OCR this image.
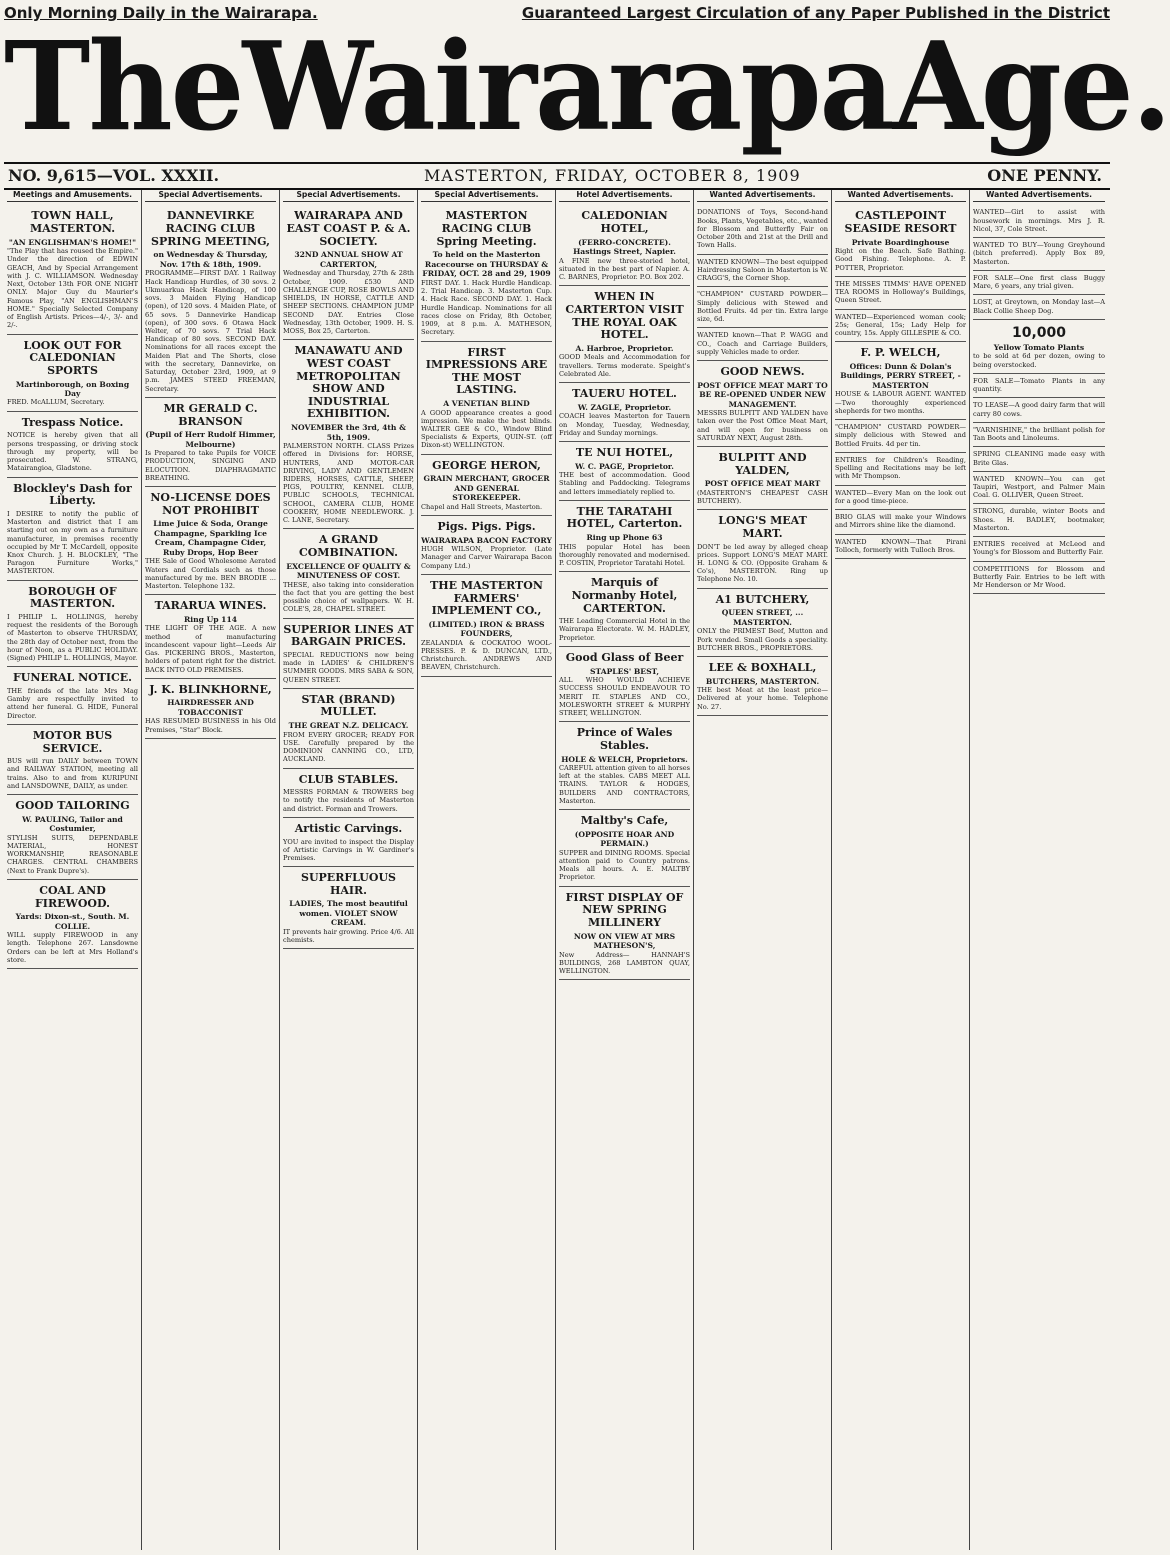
Only Morning Daily in the Wairarapa.	Guaranteed Largest Circulation of any Paper Published in the District
The Wairarapa Age.
NO. 9,615—VOL. XXXII.	MASTERTON, FRIDAY, OCTOBER 8, 1909	ONE PENNY.
Meetings and Amusements.
TOWN HALL, MASTERTON.
"AN ENGLISHMAN'S HOME!"
"The Play that has roused the Empire." Under the direction of EDWIN GEACH, And by Special Arrangement with J. C. WILLIAMSON. Wednesday Next, October 13th FOR ONE NIGHT ONLY. Major Guy du Maurier's Famous Play, "AN ENGLISHMAN'S HOME." Specially Selected Company of English Artists. Prices—4/-, 3/- and 2/-.
LOOK OUT FOR CALEDONIAN SPORTS
Martinborough, on Boxing Day
FRED. McALLUM, Secretary.
Trespass Notice.
NOTICE is hereby given that all persons trespassing, or driving stock through my property, will be prosecuted. W. STRANG, Matairangioa, Gladstone.
Blockley's Dash for Liberty.
I DESIRE to notify the public of Masterton and district that I am starting out on my own as a furniture manufacturer, in premises recently occupied by Mr T. McCardell, opposite Knox Church. J. H. BLOCKLEY, "The Paragon Furniture Works," MASTERTON.
BOROUGH OF MASTERTON.
I PHILIP L. HOLLINGS, hereby request the residents of the Borough of Masterton to observe THURSDAY, the 28th day of October next, from the hour of Noon, as a PUBLIC HOLIDAY. (Signed) PHILIP L. HOLLINGS, Mayor.
FUNERAL NOTICE.
THE friends of the late Mrs Mag Gamby are respectfully invited to attend her funeral. G. HIDE, Funeral Director.
MOTOR BUS SERVICE.
BUS will run DAILY between TOWN and RAILWAY STATION, meeting all trains. Also to and from KURIPUNI and LANSDOWNE, DAILY, as under.
GOOD TAILORING
W. PAULING, Tailor and Costumier,
STYLISH SUITS, DEPENDABLE MATERIAL, HONEST WORKMANSHIP, REASONABLE CHARGES. CENTRAL CHAMBERS (Next to Frank Dupre's).
COAL AND FIREWOOD.
Yards: Dixon-st., South. M. COLLIE.
WILL supply FIREWOOD in any length. Telephone 267. Lansdowne Orders can be left at Mrs Holland's store.
Special Advertisements.
DANNEVIRKE RACING CLUB SPRING MEETING,
on Wednesday & Thursday, Nov. 17th & 18th, 1909.
PROGRAMME—FIRST DAY. 1 Railway Hack Handicap Hurdles, of 30 sovs. 2 Ukmuarkua Hack Handicap, of 100 sovs. 3 Maiden Flying Handicap (open), of 120 sovs. 4 Maiden Plate, of 65 sovs. 5 Dannevirke Handicap (open), of 300 sovs. 6 Otawa Hack Welter, of 70 sovs. 7 Trial Hack Handicap of 80 sovs. SECOND DAY. Nominations for all races except the Maiden Plat and The Shorts, close with the secretary, Dannevirke, on Saturday, October 23rd, 1909, at 9 p.m. JAMES STEED FREEMAN, Secretary.
MR GERALD C. BRANSON
(Pupil of Herr Rudolf Himmer, Melbourne)
Is Prepared to take Pupils for VOICE PRODUCTION, SINGING AND ELOCUTION. DIAPHRAGMATIC BREATHING.
NO-LICENSE DOES NOT PROHIBIT
Lime Juice & Soda, Orange Champagne, Sparkling Ice Cream, Champagne Cider, Ruby Drops, Hop Beer
THE Sale of Good Wholesome Aerated Waters and Cordials such as those manufactured by me. BEN BRODIE ... Masterton. Telephone 132.
TARARUA WINES.
Ring Up 114
THE LIGHT OF THE AGE. A new method of manufacturing incandescent vapour light—Leeds Air Gas. PICKERING BROS., Masterton, holders of patent right for the district. BACK INTO OLD PREMISES.
J. K. BLINKHORNE,
HAIRDRESSER AND TOBACCONIST
HAS RESUMED BUSINESS in his Old Premises, "Star" Block.
Special Advertisements.
WAIRARAPA AND EAST COAST P. & A. SOCIETY.
32ND ANNUAL SHOW AT CARTERTON,
Wednesday and Thursday, 27th & 28th October, 1909. £530 AND CHALLENGE CUP, ROSE BOWLS AND SHIELDS, IN HORSE, CATTLE AND SHEEP SECTIONS. CHAMPION JUMP SECOND DAY. Entries Close Wednesday, 13th October, 1909. H. S. MOSS, Box 25, Carterton.
MANAWATU AND WEST COAST METROPOLITAN SHOW AND INDUSTRIAL EXHIBITION.
NOVEMBER the 3rd, 4th & 5th, 1909.
PALMERSTON NORTH. CLASS Prizes offered in Divisions for: HORSE, HUNTERS, AND MOTOR-CAR DRIVING, LADY AND GENTLEMEN RIDERS, HORSES, CATTLE, SHEEP, PIGS, POULTRY, KENNEL CLUB, PUBLIC SCHOOLS, TECHNICAL SCHOOL, CAMERA CLUB, HOME COOKERY, HOME NEEDLEWORK. J. C. LANE, Secretary.
A GRAND COMBINATION.
EXCELLENCE OF QUALITY & MINUTENESS OF COST.
THESE, also taking into consideration the fact that you are getting the best possible choice of wallpapers. W. H. COLE'S, 28, CHAPEL STREET.
SUPERIOR LINES AT BARGAIN PRICES.
SPECIAL REDUCTIONS now being made in LADIES' & CHILDREN'S SUMMER GOODS. MRS SABA & SON, QUEEN STREET.
STAR (BRAND) MULLET.
THE GREAT N.Z. DELICACY.
FROM EVERY GROCER; READY FOR USE. Carefully prepared by the DOMINION CANNING CO., LTD, AUCKLAND.
CLUB STABLES.
MESSRS FORMAN & TROWERS beg to notify the residents of Masterton and district. Forman and Trowers.
Artistic Carvings.
YOU are invited to inspect the Display of Artistic Carvings in W. Gardiner's Premises.
SUPERFLUOUS HAIR.
LADIES, The most beautiful women. VIOLET SNOW CREAM.
IT prevents hair growing. Price 4/6. All chemists.
Special Advertisements.
MASTERTON RACING CLUB Spring Meeting.
To held on the Masterton Racecourse on THURSDAY & FRIDAY, OCT. 28 and 29, 1909
FIRST DAY. 1. Hack Hurdle Handicap. 2. Trial Handicap. 3. Masterton Cup. 4. Hack Race. SECOND DAY. 1. Hack Hurdle Handicap. Nominations for all races close on Friday, 8th October, 1909, at 8 p.m. A. MATHESON, Secretary.
FIRST IMPRESSIONS ARE THE MOST LASTING.
A VENETIAN BLIND
A GOOD appearance creates a good impression. We make the best blinds. WALTER GEE & CO., Window Blind Specialists & Experts, QUIN-ST. (off Dixon-st) WELLINGTON.
GEORGE HERON,
GRAIN MERCHANT, GROCER AND GENERAL STOREKEEPER.
Chapel and Hall Streets, Masterton.
Pigs. Pigs. Pigs.
WAIRARAPA BACON FACTORY
HUGH WILSON, Proprietor. (Late Manager and Carver Wairarapa Bacon Company Ltd.)
THE MASTERTON FARMERS' IMPLEMENT CO.,
(LIMITED.) IRON & BRASS FOUNDERS,
ZEALANDIA & COCKATOO WOOL-PRESSES. P. & D. DUNCAN, LTD., Christchurch. ANDREWS AND BEAVEN, Christchurch.
Hotel Advertisements.
CALEDONIAN HOTEL,
(FERRO-CONCRETE). Hastings Street, Napier.
A FINE new three-storied hotel, situated in the best part of Napier. A. C. BARNES, Proprietor. P.O. Box 202.
WHEN IN CARTERTON VISIT THE ROYAL OAK HOTEL.
A. Harbroe, Proprietor.
GOOD Meals and Accommodation for travellers. Terms moderate. Speight's Celebrated Ale.
TAUERU HOTEL.
W. ZAGLE, Proprietor.
COACH leaves Masterton for Tauern on Monday, Tuesday, Wednesday, Friday and Sunday mornings.
TE NUI HOTEL,
W. C. PAGE, Proprietor.
THE best of accommodation. Good Stabling and Paddocking. Telegrams and letters immediately replied to.
THE TARATAHI HOTEL, Carterton.
Ring up Phone 63
THIS popular Hotel has been thoroughly renovated and modernised. P. COSTIN, Proprietor Taratahi Hotel.
Marquis of Normanby Hotel, CARTERTON.
THE Leading Commercial Hotel in the Wairarapa Electorate. W. M. HADLEY, Proprietor.
Good Glass of Beer
STAPLES' BEST,
ALL WHO WOULD ACHIEVE SUCCESS SHOULD ENDEAVOUR TO MERIT IT. STAPLES AND CO., MOLESWORTH STREET & MURPHY STREET, WELLINGTON.
Prince of Wales Stables.
HOLE & WELCH, Proprietors.
CAREFUL attention given to all horses left at the stables. CABS MEET ALL TRAINS. TAYLOR & HODGES, BUILDERS AND CONTRACTORS, Masterton.
Maltby's Cafe,
(OPPOSITE HOAR AND PERMAIN.)
SUPPER and DINING ROOMS. Special attention paid to Country patrons. Meals all hours. A. E. MALTBY Proprietor.
FIRST DISPLAY OF NEW SPRING MILLINERY
NOW ON VIEW AT MRS MATHESON'S,
New Address— HANNAH'S BUILDINGS, 268 LAMBTON QUAY, WELLINGTON.
Wanted Advertisements.
DONATIONS of Toys, Second-hand Books, Plants, Vegetables, etc., wanted for Blossom and Butterfly Fair on October 20th and 21st at the Drill and Town Halls.
WANTED KNOWN—The best equipped Hairdressing Saloon in Masterton is W. CRAGG'S, the Corner Shop.
"CHAMPION" CUSTARD POWDER—Simply delicious with Stewed and Bottled Fruits. 4d per tin. Extra large size, 6d.
WANTED known—That P. WAGG and CO., Coach and Carriage Builders, supply Vehicles made to order.
GOOD NEWS.
POST OFFICE MEAT MART TO BE RE-OPENED UNDER NEW MANAGEMENT.
MESSRS BULPITT AND YALDEN have taken over the Post Office Meat Mart, and will open for business on SATURDAY NEXT, August 28th.
BULPITT AND YALDEN,
POST OFFICE MEAT MART
(MASTERTON'S CHEAPEST CASH BUTCHERY).
LONG'S MEAT MART.
DON'T be led away by alleged cheap prices. Support LONG'S MEAT MART. H. LONG & CO. (Opposite Graham & Co's), MASTERTON. Ring up Telephone No. 10.
A1 BUTCHERY,
QUEEN STREET, ... MASTERTON.
ONLY the PRIMEST Beef, Mutton and Pork vended. Small Goods a speciality. BUTCHER BROS., PROPRIETORS.
LEE & BOXHALL,
BUTCHERS, MASTERTON.
THE best Meat at the least price—Delivered at your home. Telephone No. 27.
Wanted Advertisements.
CASTLEPOINT SEASIDE RESORT
Private Boardinghouse
Right on the Beach. Safe Bathing. Good Fishing. Telephone. A. P. POTTER, Proprietor.
THE MISSES TIMMS' HAVE OPENED TEA ROOMS in Holloway's Buildings, Queen Street.
WANTED—Experienced woman cook; 25s; General, 15s; Lady Help for country, 15s. Apply GILLESPIE & CO.
F. P. WELCH,
Offices: Dunn & Dolan's Buildings, PERRY STREET, - MASTERTON
HOUSE & LABOUR AGENT. WANTED—Two thoroughly experienced shepherds for two months.
"CHAMPION" CUSTARD POWDER—simply delicious with Stewed and Bottled Fruits. 4d per tin.
ENTRIES for Children's Reading, Spelling and Recitations may be left with Mr Thompson.
WANTED—Every Man on the look out for a good time-piece.
BRIO GLAS will make your Windows and Mirrors shine like the diamond.
WANTED KNOWN—That Pirani Tolloch, formerly with Tulloch Bros.
Wanted Advertisements.
WANTED—Girl to assist with housework in mornings. Mrs J. R. Nicol, 37, Cole Street.
WANTED TO BUY—Young Greyhound (bitch preferred). Apply Box 89, Masterton.
FOR SALE—One first class Buggy Mare, 6 years, any trial given.
LOST, at Greytown, on Monday last—A Black Collie Sheep Dog.
10,000
Yellow Tomato Plants
to be sold at 6d per dozen, owing to being overstocked.
FOR SALE—Tomato Plants in any quantity.
TO LEASE—A good dairy farm that will carry 80 cows.
"VARNISHINE," the brilliant polish for Tan Boots and Linoleums.
SPRING CLEANING made easy with Brite Glas.
WANTED KNOWN—You can get Taupiri, Westport, and Palmer Main Coal. G. OLLIVER, Queen Street.
STRONG, durable, winter Boots and Shoes. H. BADLEY, bootmaker, Masterton.
ENTRIES received at McLeod and Young's for Blossom and Butterfly Fair.
COMPETITIONS for Blossom and Butterfly Fair. Entries to be left with Mr Henderson or Mr Wood.
